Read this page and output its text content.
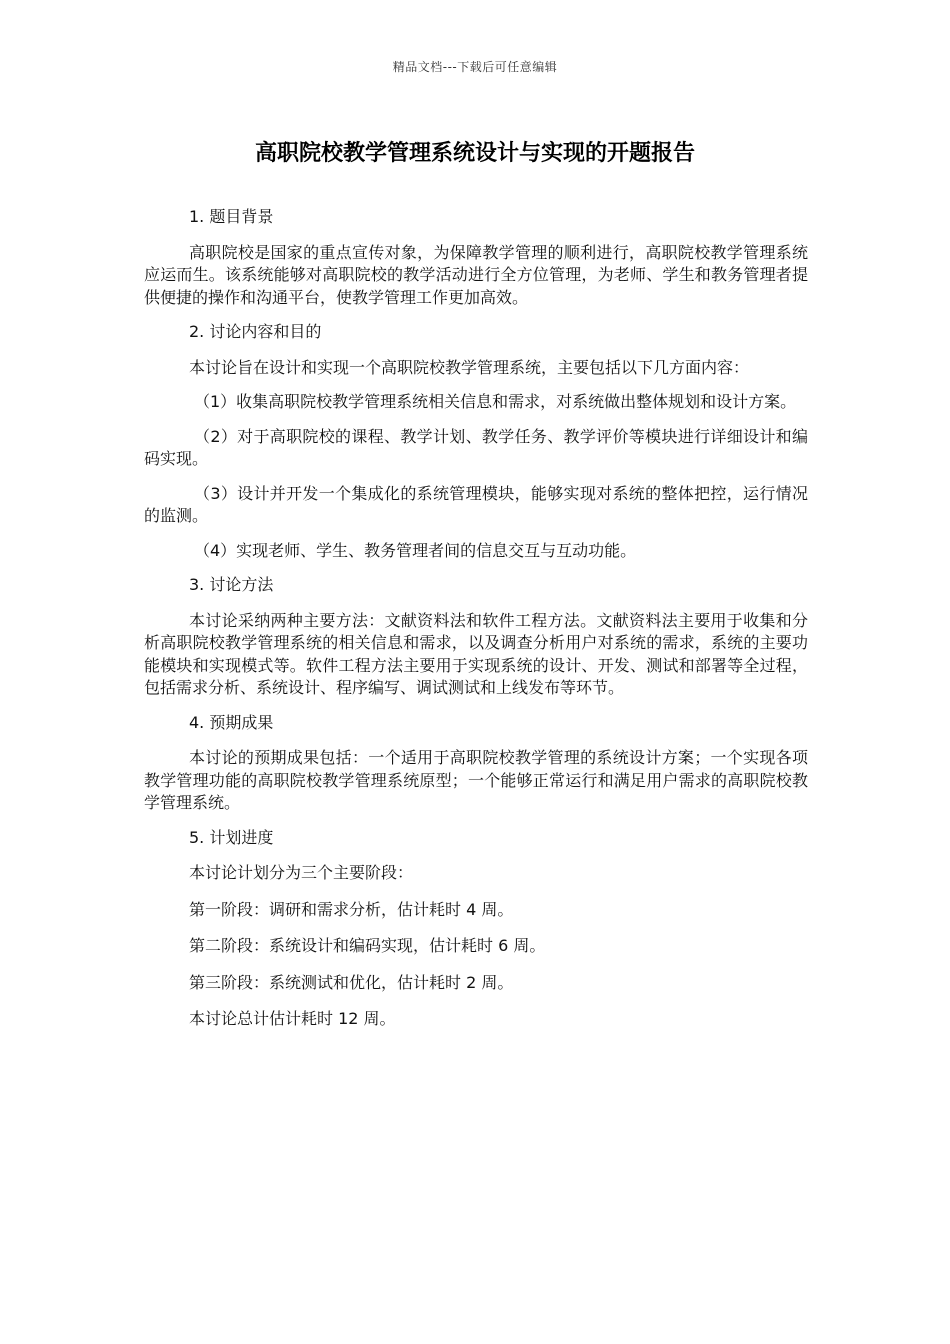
精品文档---下载后可任意编辑
高职院校教学管理系统设计与实现的开题报告

1. 题目背景

高职院校是国家的重点宣传对象，为保障教学管理的顺利进行，高职院校教学管理系统应运而生。该系统能够对高职院校的教学活动进行全方位管理，为老师、学生和教务管理者提供便捷的操作和沟通平台，使教学管理工作更加高效。

2. 讨论内容和目的

本讨论旨在设计和实现一个高职院校教学管理系统，主要包括以下几方面内容：

（1）收集高职院校教学管理系统相关信息和需求，对系统做出整体规划和设计方案。

（2）对于高职院校的课程、教学计划、教学任务、教学评价等模块进行详细设计和编码实现。

（3）设计并开发一个集成化的系统管理模块，能够实现对系统的整体把控，运行情况的监测。

（4）实现老师、学生、教务管理者间的信息交互与互动功能。

3. 讨论方法

本讨论采纳两种主要方法：文献资料法和软件工程方法。文献资料法主要用于收集和分析高职院校教学管理系统的相关信息和需求，以及调查分析用户对系统的需求，系统的主要功能模块和实现模式等。软件工程方法主要用于实现系统的设计、开发、测试和部署等全过程，包括需求分析、系统设计、程序编写、调试测试和上线发布等环节。

4. 预期成果

本讨论的预期成果包括：一个适用于高职院校教学管理的系统设计方案；一个实现各项教学管理功能的高职院校教学管理系统原型；一个能够正常运行和满足用户需求的高职院校教学管理系统。

5. 计划进度

本讨论计划分为三个主要阶段：

第一阶段：调研和需求分析，估计耗时 4 周。

第二阶段：系统设计和编码实现，估计耗时 6 周。

第三阶段：系统测试和优化，估计耗时 2 周。

本讨论总计估计耗时 12 周。
